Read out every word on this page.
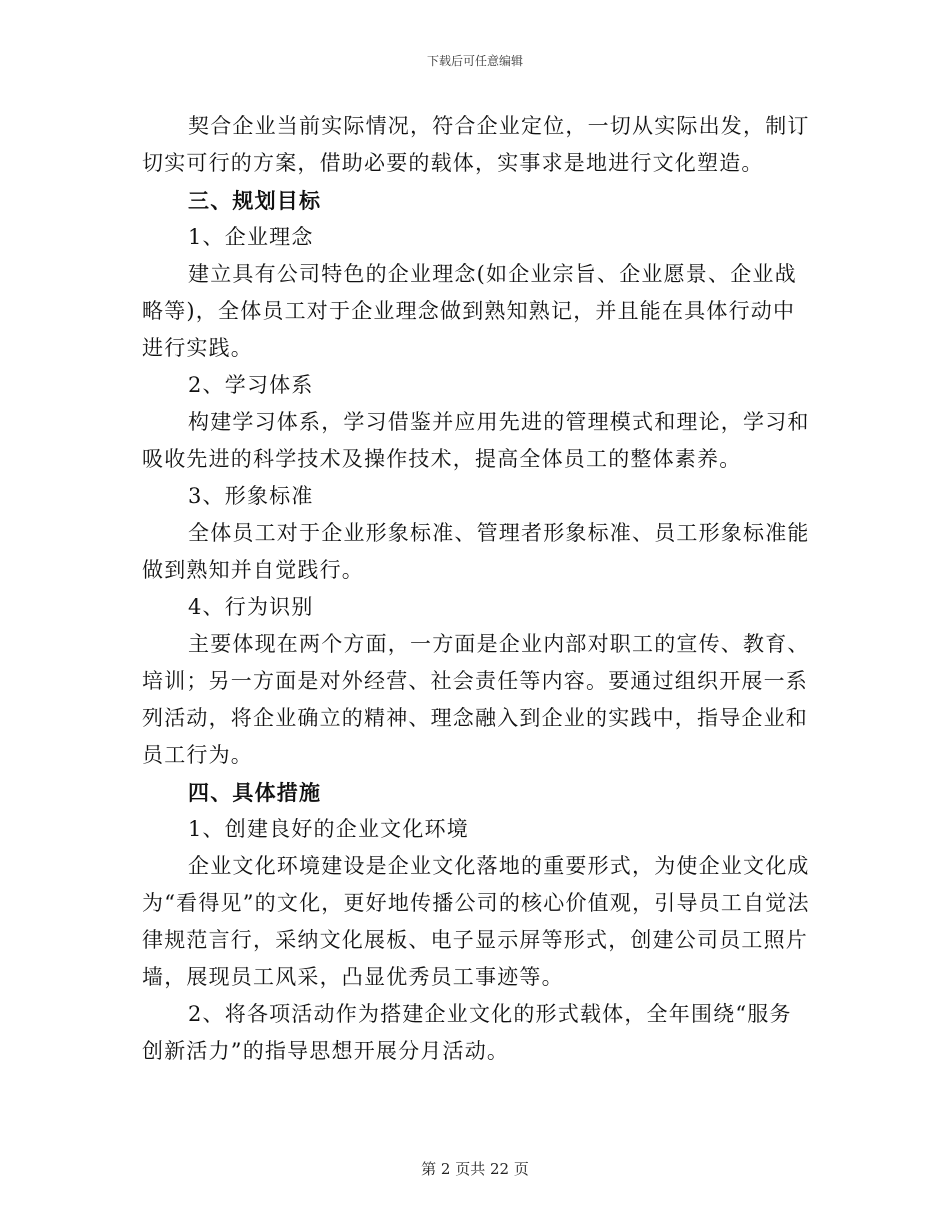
下载后可任意编辑

契合企业当前实际情况，符合企业定位，一切从实际出发，制订切实可行的方案，借助必要的载体，实事求是地进行文化塑造。

三、规划目标

1、企业理念

建立具有公司特色的企业理念(如企业宗旨、企业愿景、企业战略等)，全体员工对于企业理念做到熟知熟记，并且能在具体行动中进行实践。

2、学习体系

构建学习体系，学习借鉴并应用先进的管理模式和理论，学习和吸收先进的科学技术及操作技术，提高全体员工的整体素养。

3、形象标准

全体员工对于企业形象标准、管理者形象标准、员工形象标准能做到熟知并自觉践行。

4、行为识别

主要体现在两个方面，一方面是企业内部对职工的宣传、教育、培训；另一方面是对外经营、社会责任等内容。要通过组织开展一系列活动，将企业确立的精神、理念融入到企业的实践中，指导企业和员工行为。

四、具体措施

1、创建良好的企业文化环境

企业文化环境建设是企业文化落地的重要形式，为使企业文化成为“看得见”的文化，更好地传播公司的核心价值观，引导员工自觉法律规范言行，采纳文化展板、电子显示屏等形式，创建公司员工照片墙，展现员工风采，凸显优秀员工事迹等。

2、将各项活动作为搭建企业文化的形式载体，全年围绕“服务创新活力”的指导思想开展分月活动。

第 2 页共 22 页
